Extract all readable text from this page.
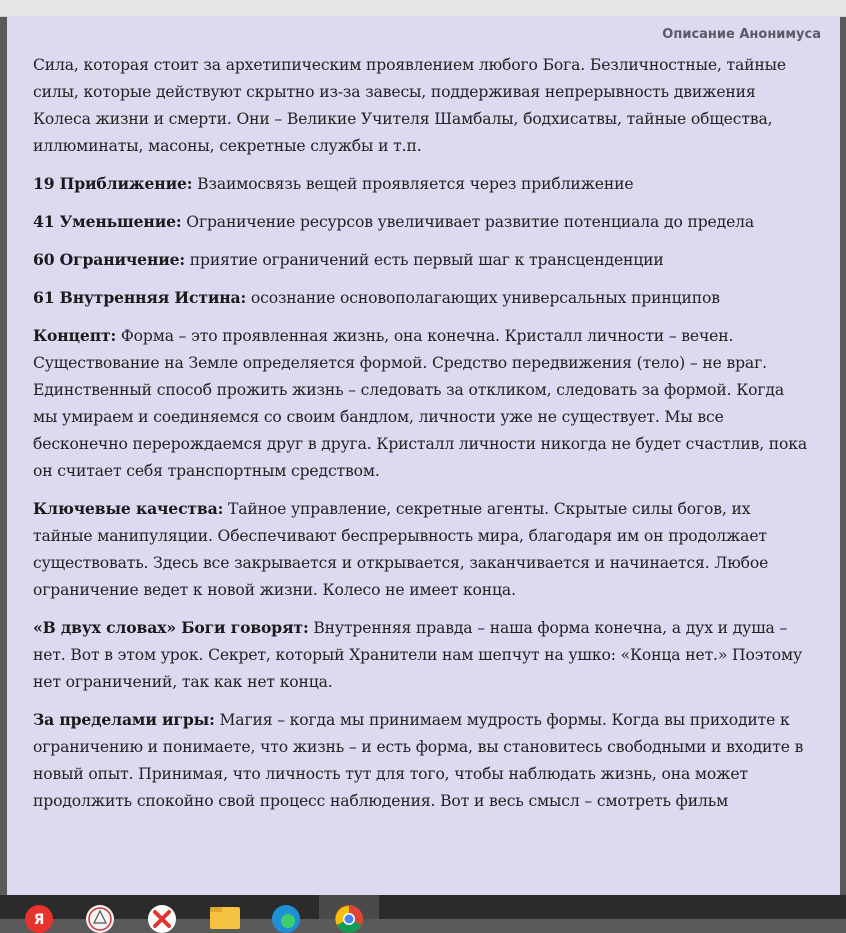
Описание Анонимуса

Сила, которая стоит за архетипическим проявлением любого Бога. Безличностные, тайные силы, которые действуют скрытно из-за завесы, поддерживая непрерывность движения Колеса жизни и смерти. Они – Великие Учителя Шамбалы, бодхисатвы, тайные общества, иллюминаты, масоны, секретные службы и т.п.

19 Приближение: Взаимосвязь вещей проявляется через приближение

41 Уменьшение: Ограничение ресурсов увеличивает развитие потенциала до предела

60 Ограничение: приятие ограничений есть первый шаг к трансценденции

61 Внутренняя Истина: осознание основополагающих универсальных принципов

Концепт: Форма – это проявленная жизнь, она конечна. Кристалл личности – вечен. Существование на Земле определяется формой. Средство передвижения (тело) – не враг. Единственный способ прожить жизнь – следовать за откликом, следовать за формой. Когда мы умираем и соединяемся со своим бандлом, личности уже не существует. Мы все бесконечно перерождаемся друг в друга. Кристалл личности никогда не будет счастлив, пока он считает себя транспортным средством.

Ключевые качества: Тайное управление, секретные агенты. Скрытые силы богов, их тайные манипуляции. Обеспечивают беспрерывность мира, благодаря им он продолжает существовать. Здесь все закрывается и открывается, заканчивается и начинается. Любое ограничение ведет к новой жизни. Колесо не имеет конца.

«В двух словах» Боги говорят: Внутренняя правда – наша форма конечна, а дух и душа – нет. Вот в этом урок. Секрет, который Хранители нам шепчут на ушко: «Конца нет.» Поэтому нет ограничений, так как нет конца.

За пределами игры: Магия – когда мы принимаем мудрость формы. Когда вы приходите к ограничению и понимаете, что жизнь – и есть форма, вы становитесь свободными и входите в новый опыт. Принимая, что личность тут для того, чтобы наблюдать жизнь, она может продолжить спокойно свой процесс наблюдения. Вот и весь смысл – смотреть фильм

Я
